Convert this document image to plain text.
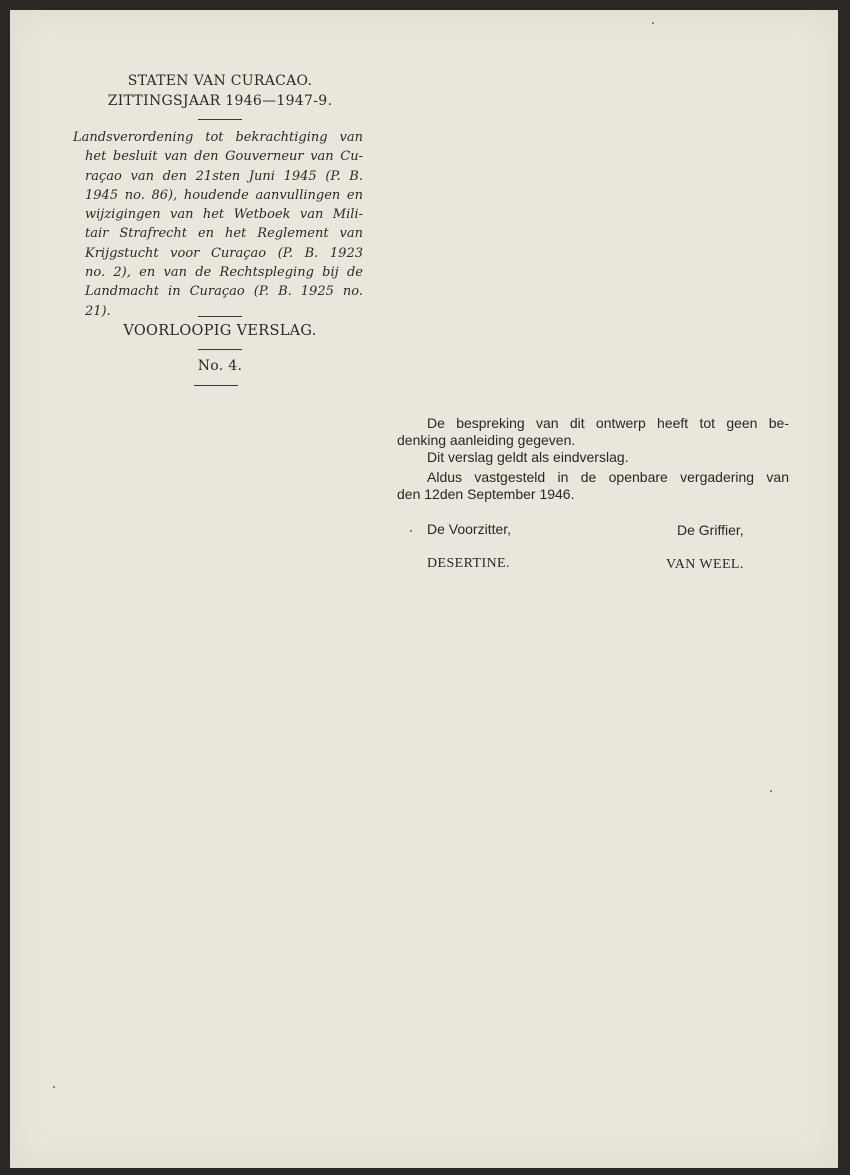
STATEN VAN CURACAO.
ZITTINGSJAAR 1946—1947-9.
Landsverordening tot bekrachtiging van
het besluit van den Gouverneur van Cu-
raçao van den 21sten Juni 1945 (P. B.
1945 no. 86), houdende aanvullingen en
wijzigingen van het Wetboek van Mili-
tair Strafrecht en het Reglement van
Krijgstucht voor Curaçao (P. B. 1923
no. 2), en van de Rechtspleging bij de
Landmacht in Curaçao (P. B. 1925 no.
21).
VOORLOOPIG VERSLAG.
No. 4.
De bespreking van dit ontwerp heeft tot geen be-
denking aanleiding gegeven.
Dit verslag geldt als eindverslag.
Aldus vastgesteld in de openbare vergadering van
den 12den September 1946.
De Voorzitter,	De Griffier,
DESERTINE.	VAN WEEL.
